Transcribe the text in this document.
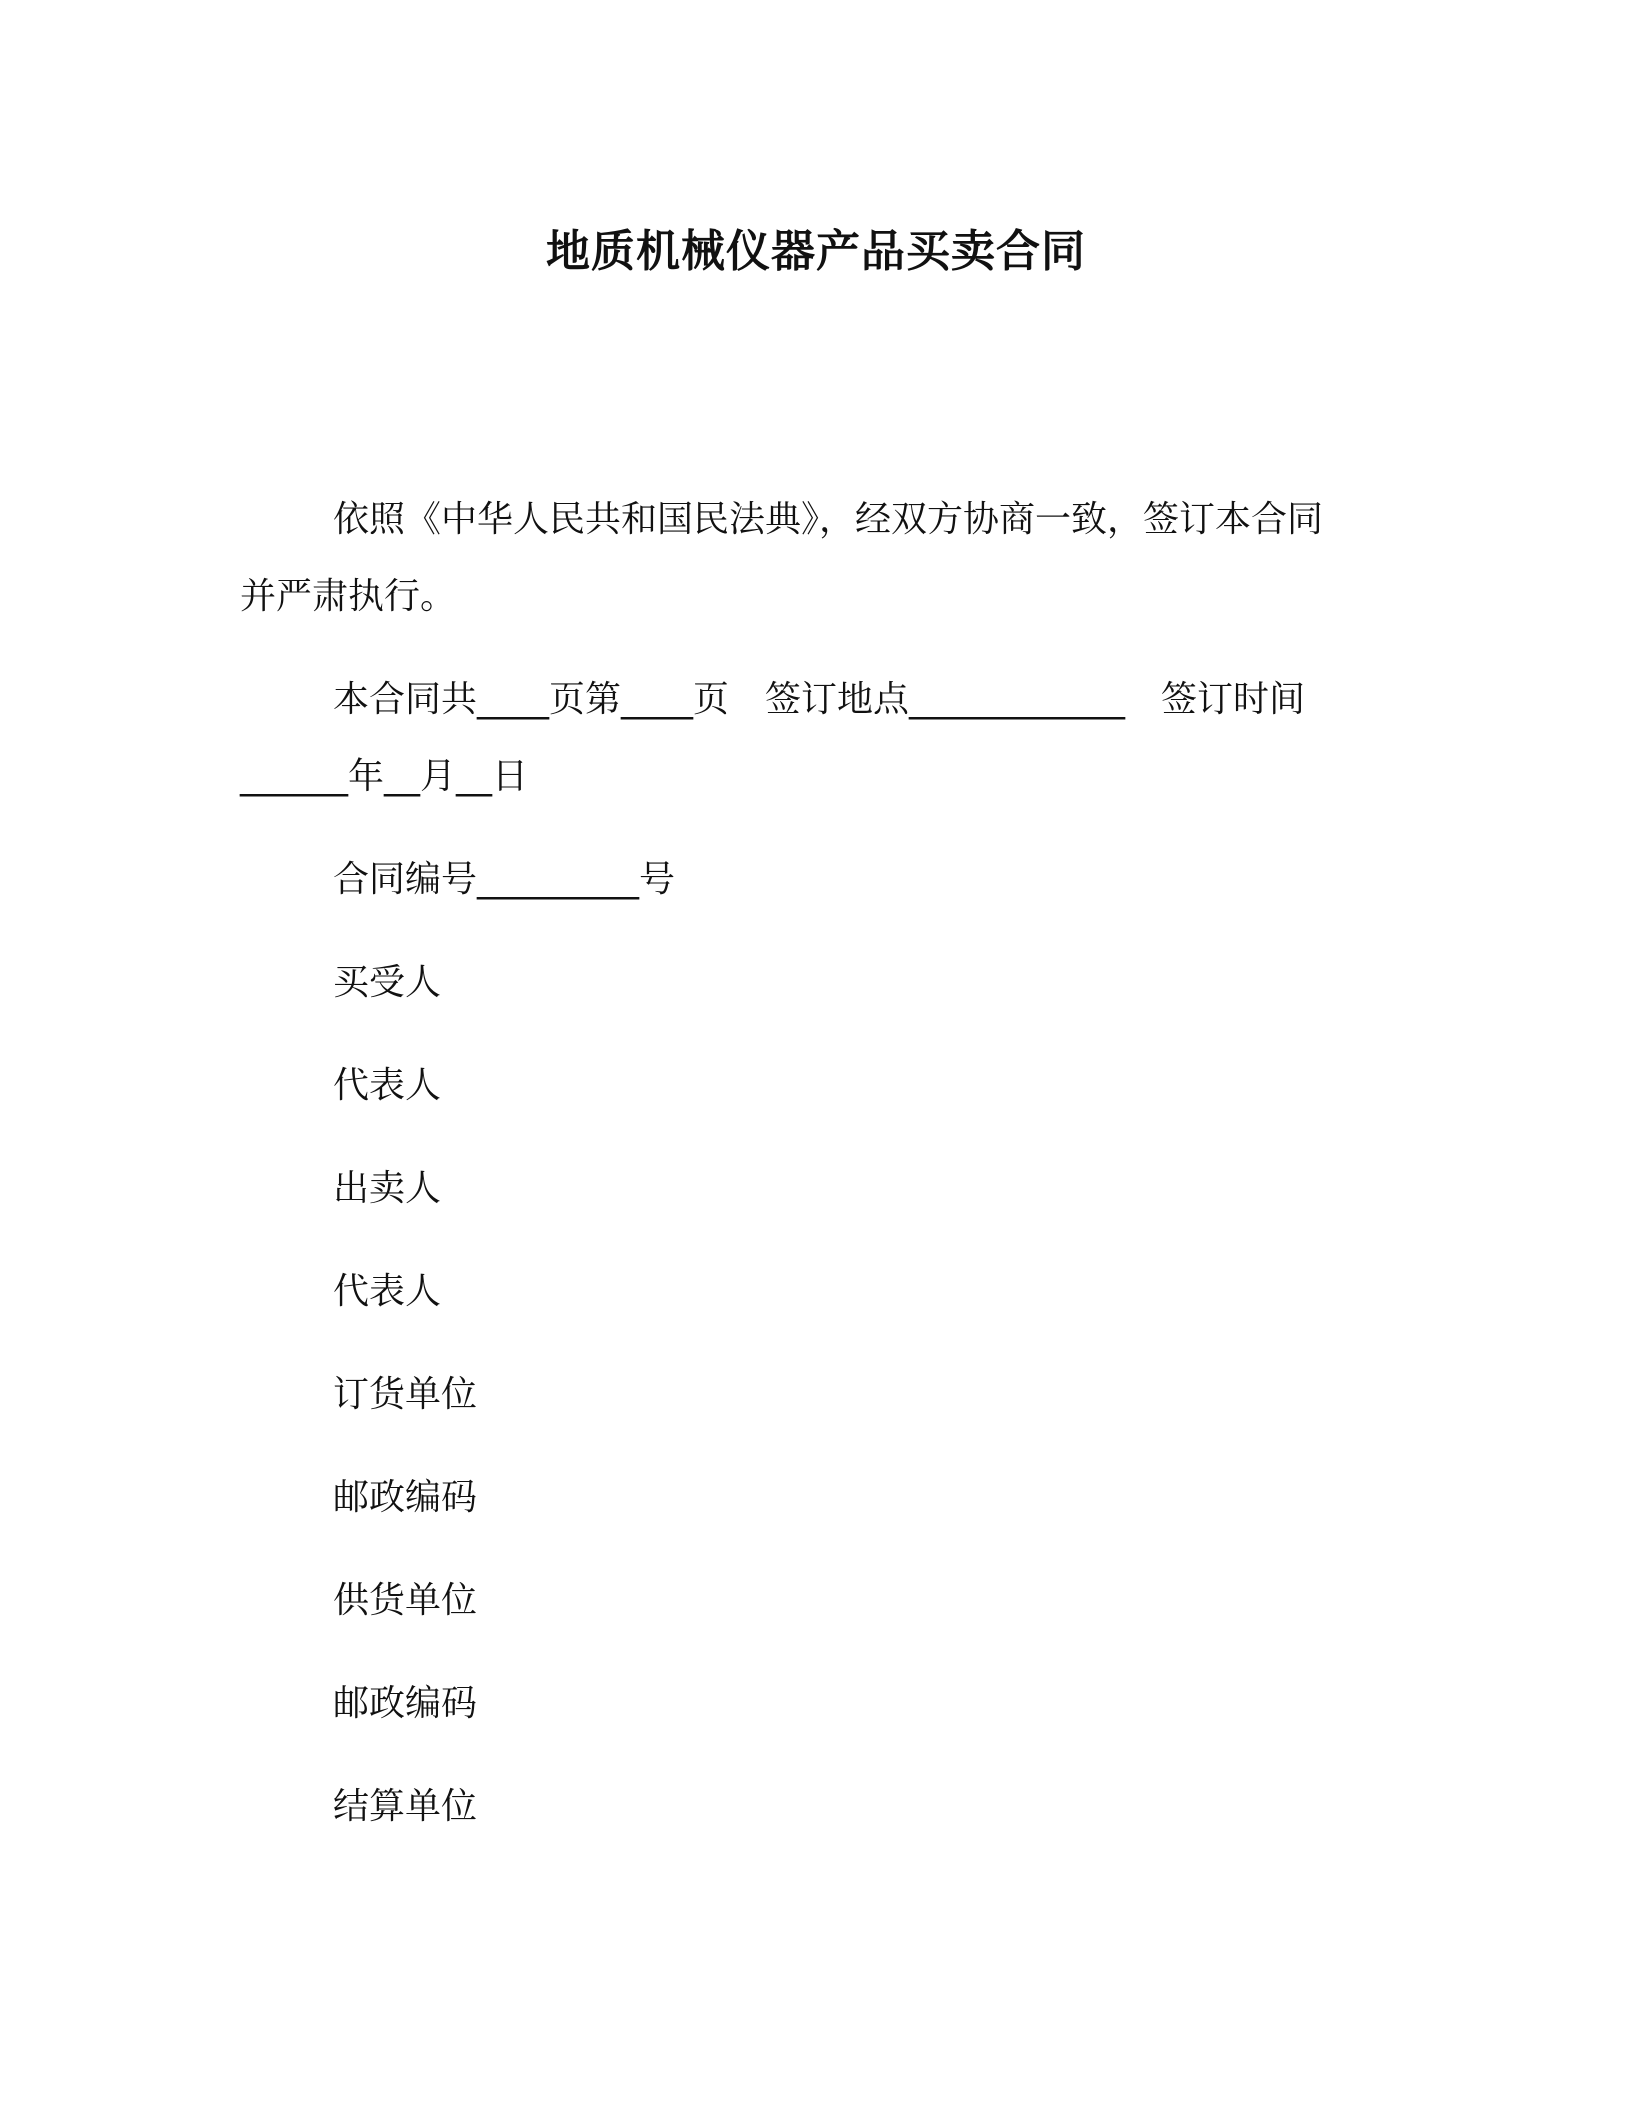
地质机械仪器产品买卖合同
依照《中华人民共和国民法典》，经双方协商一致，签订本合同
并严肃执行。
本合同共____页第____页　签订地点____________　签订时间
______年__月__日
合同编号_________号
买受人
代表人
出卖人
代表人
订货单位
邮政编码
供货单位
邮政编码
结算单位
